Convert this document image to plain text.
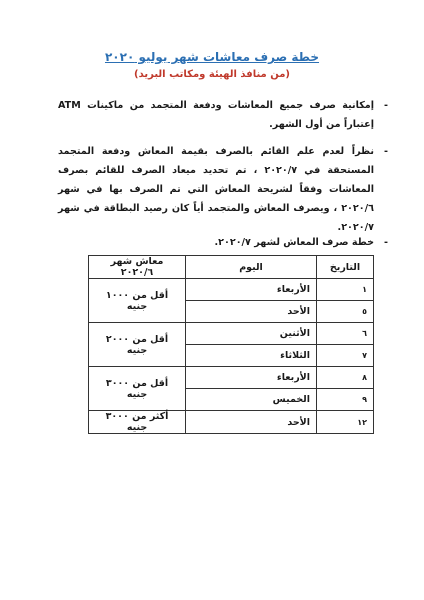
خطة صرف معاشات شهر يوليو ٢٠٢٠
(من منافذ الهيئة ومكاتب البريد)
-
إمكانية صرف جميع المعاشات ودفعة المتجمد من ماكينات ATM إعتباراً من أول الشهر.
-
نظراً لعدم علم القائم بالصرف بقيمة المعاش ودفعة المتجمد المستحقة في ٢٠٢٠/٧ ، تم تحديد ميعاد الصرف للقائم بصرف المعاشات وفقاً لشريحة المعاش التي تم الصرف بها في شهر ٢٠٢٠/٦ ، ويصرف المعاش والمتجمد أياً كان رصيد البطاقة في شهر ٢٠٢٠/٧.
-
خطة صرف المعاش لشهر ٢٠٢٠/٧.
التاريخ	اليوم	معاش شهر ٢٠٢٠/٦
١	الأربعاء	أقل من ١٠٠٠ جنيه
٥	الأحد	
٦	الأثنين	أقل من ٢٠٠٠ جنيه
٧	الثلاثاء	
٨	الأربعاء	أقل من ٣٠٠٠ جنيه
٩	الخميس	
١٢	الأحد	أكثر من ٣٠٠٠ جنيه
